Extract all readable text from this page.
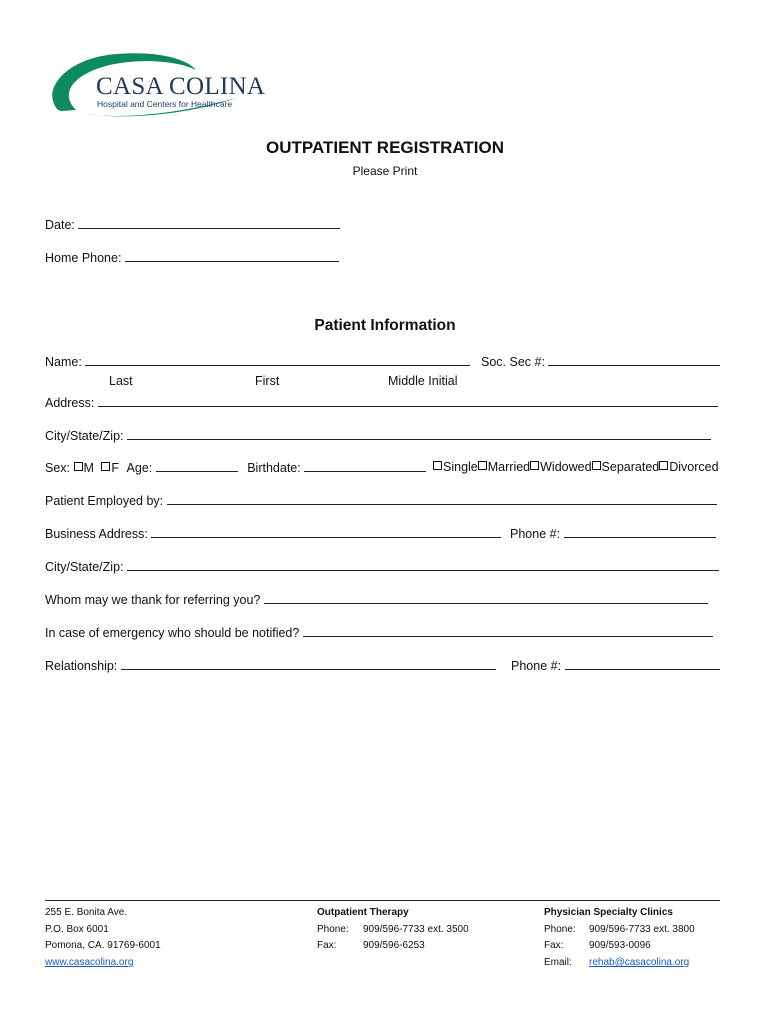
CASA COLINA
Hospital and Centers for Healthcare
OUTPATIENT REGISTRATION
Please Print
Date:
Home Phone:
Patient Information
Name:	Soc. Sec #:
Last	First	Middle Initial
Address:
City/State/Zip:
Sex: M F Age:	Birthdate:	Single Married Widowed Separated Divorced
Patient Employed by:
Business Address:	Phone #:
City/State/Zip:
Whom may we thank for referring you?
In case of emergency who should be notified?
Relationship:	Phone #:
255 E. Bonita Ave.
P.O. Box 6001
Pomona, CA. 91769-6001
www.casacolina.org
Outpatient Therapy
Phone: 909/596-7733 ext. 3500
Fax:	909/596-6253
Physician Specialty Clinics
Phone: 909/596-7733 ext. 3800
Fax:	909/593-0096
Email: rehab@casacolina.org
